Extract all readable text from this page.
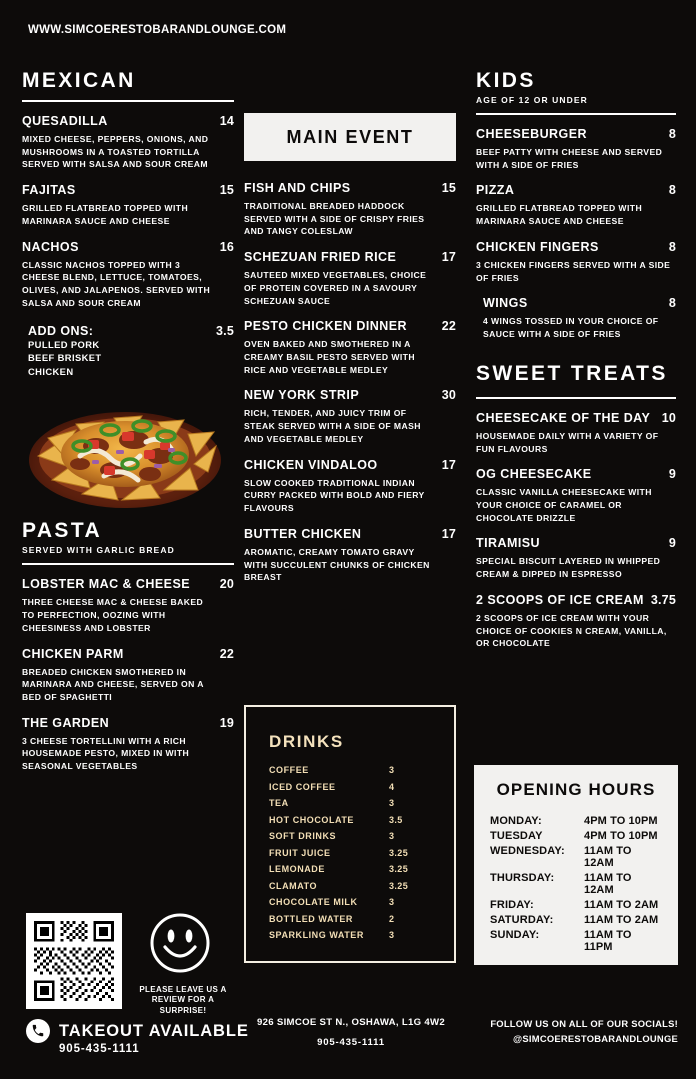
WWW.SIMCOERESTOBARANDLOUNGE.COM
MEXICAN
QUESADILLA	14
MIXED CHEESE, PEPPERS, ONIONS, AND MUSHROOMS IN A TOASTED TORTILLA SERVED WITH SALSA AND SOUR CREAM
FAJITAS	15
GRILLED FLATBREAD TOPPED WITH MARINARA SAUCE AND CHEESE
NACHOS	16
CLASSIC NACHOS TOPPED WITH 3 CHEESE BLEND, LETTUCE, TOMATOES, OLIVES, AND JALAPENOS. SERVED WITH SALSA AND SOUR CREAM
ADD ONS:	3.5
PULLED PORK
BEEF BRISKET
CHICKEN
PASTA
SERVED WITH GARLIC BREAD
LOBSTER MAC & CHEESE 20
THREE CHEESE MAC & CHEESE BAKED TO PERFECTION, OOZING WITH CHEESINESS AND LOBSTER
CHICKEN PARM	22
BREADED CHICKEN SMOTHERED IN MARINARA AND CHEESE, SERVED ON A BED OF SPAGHETTI
THE GARDEN	19
3 CHEESE TORTELLINI WITH A RICH HOUSEMADE PESTO, MIXED IN WITH SEASONAL VEGETABLES
MAIN EVENT
FISH AND CHIPS	15
TRADITIONAL BREADED HADDOCK SERVED WITH A SIDE OF CRISPY FRIES AND TANGY COLESLAW
SCHEZUAN FRIED RICE	17
SAUTEED MIXED VEGETABLES, CHOICE OF PROTEIN COVERED IN A SAVOURY SCHEZUAN SAUCE
PESTO CHICKEN DINNER	22
OVEN BAKED AND SMOTHERED IN A CREAMY BASIL PESTO SERVED WITH RICE AND VEGETABLE MEDLEY
NEW YORK STRIP	30
RICH, TENDER, AND JUICY TRIM OF STEAK SERVED WITH A SIDE OF MASH AND VEGETABLE MEDLEY
CHICKEN VINDALOO	17
SLOW COOKED TRADITIONAL INDIAN CURRY PACKED WITH BOLD AND FIERY FLAVOURS
BUTTER CHICKEN	17
AROMATIC, CREAMY TOMATO GRAVY WITH SUCCULENT CHUNKS OF CHICKEN BREAST
KIDS
AGE OF 12 OR UNDER
CHEESEBURGER	8
BEEF PATTY WITH CHEESE AND SERVED WITH A SIDE OF FRIES
PIZZA	8
GRILLED FLATBREAD TOPPED WITH MARINARA SAUCE AND CHEESE
CHICKEN FINGERS	8
3 CHICKEN FINGERS SERVED WITH A SIDE OF FRIES
WINGS	8
4 WINGS TOSSED IN YOUR CHOICE OF SAUCE WITH A SIDE OF FRIES
SWEET TREATS
CHEESECAKE OF THE DAY 10
HOUSEMADE DAILY WITH A VARIETY OF FUN FLAVOURS
OG CHEESECAKE	9
CLASSIC VANILLA CHEESECAKE WITH YOUR CHOICE OF CARAMEL OR CHOCOLATE DRIZZLE
TIRAMISU	9
SPECIAL BISCUIT LAYERED IN WHIPPED CREAM & DIPPED IN ESPRESSO
2 SCOOPS OF ICE CREAM 3.75
2 SCOOPS OF ICE CREAM WITH YOUR CHOICE OF COOKIES N CREAM, VANILLA, OR CHOCOLATE
DRINKS
COFFEE	3
ICED COFFEE	4
TEA	3
HOT CHOCOLATE	3.5
SOFT DRINKS	3
FRUIT JUICE	3.25
LEMONADE	3.25
CLAMATO	3.25
CHOCOLATE MILK	3
BOTTLED WATER	2
SPARKLING WATER	3
OPENING HOURS
MONDAY:	4PM TO 10PM
TUESDAY	4PM TO 10PM
WEDNESDAY:	11AM TO 12AM
THURSDAY:	11AM TO 12AM
FRIDAY:	11AM TO 2AM
SATURDAY:	11AM TO 2AM
SUNDAY:	11AM TO 11PM
PLEASE LEAVE US A REVIEW FOR A SURPRISE!
TAKEOUT AVAILABLE
905-435-1111
926 SIMCOE ST N., OSHAWA, L1G 4W2
905-435-1111
FOLLOW US ON ALL OF OUR SOCIALS!
@SIMCOERESTOBARANDLOUNGE
